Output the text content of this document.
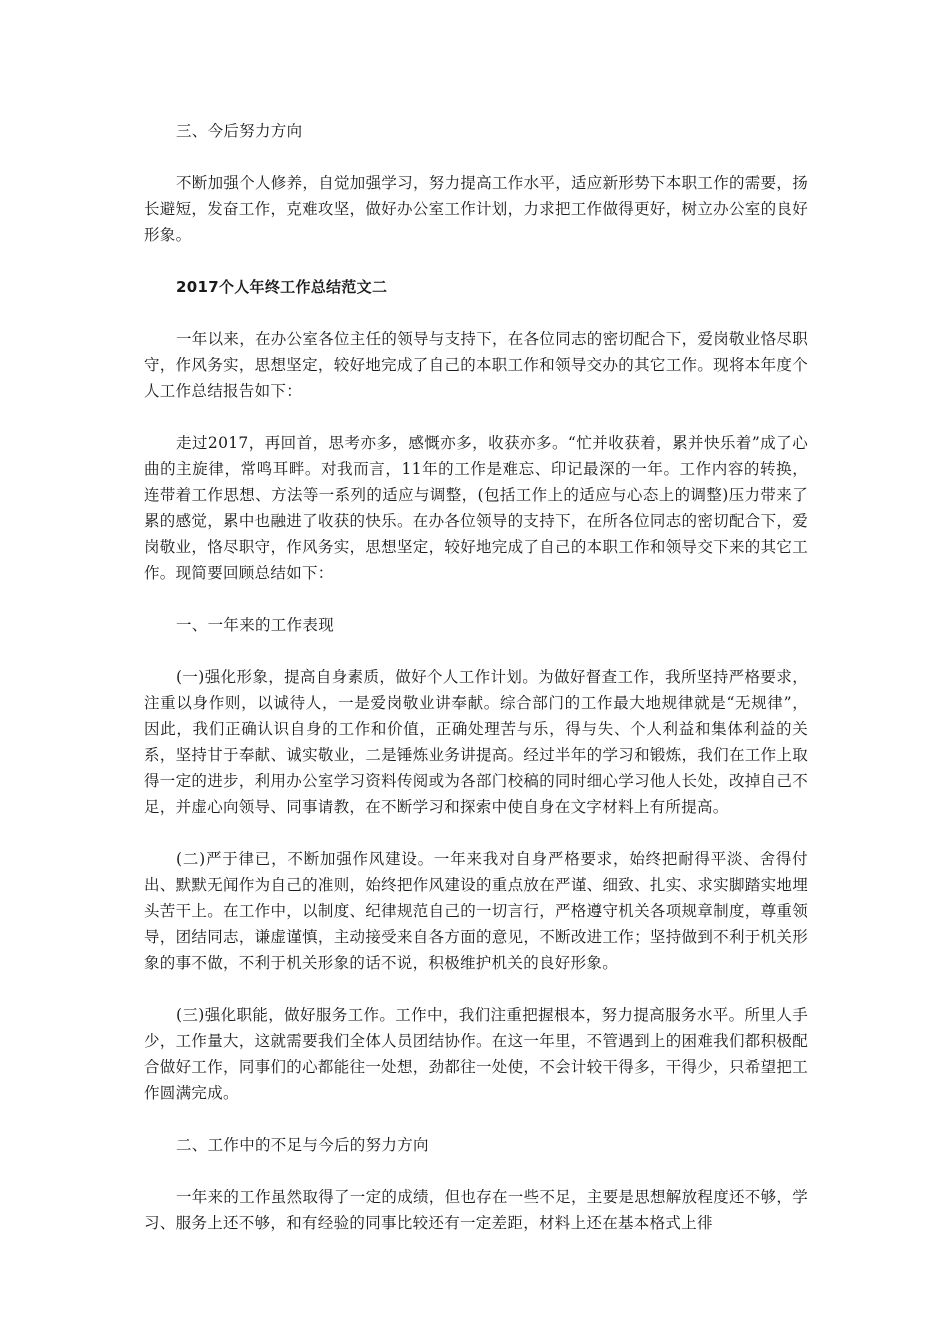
三、今后努力方向

不断加强个人修养，自觉加强学习，努力提高工作水平，适应新形势下本职工作的需要，扬长避短，发奋工作，克难攻坚，做好办公室工作计划，力求把工作做得更好，树立办公室的良好形象。

2017个人年终工作总结范文二

一年以来，在办公室各位主任的领导与支持下，在各位同志的密切配合下，爱岗敬业恪尽职守，作风务实，思想坚定，较好地完成了自己的本职工作和领导交办的其它工作。现将本年度个人工作总结报告如下：

走过2017，再回首，思考亦多，感慨亦多，收获亦多。“忙并收获着，累并快乐着”成了心曲的主旋律，常鸣耳畔。对我而言，11年的工作是难忘、印记最深的一年。工作内容的转换，连带着工作思想、方法等一系列的适应与调整，(包括工作上的适应与心态上的调整)压力带来了累的感觉，累中也融进了收获的快乐。在办各位领导的支持下，在所各位同志的密切配合下，爱岗敬业，恪尽职守，作风务实，思想坚定，较好地完成了自己的本职工作和领导交下来的其它工作。现简要回顾总结如下：

一、一年来的工作表现

(一)强化形象，提高自身素质，做好个人工作计划。为做好督查工作，我所坚持严格要求，注重以身作则，以诚待人，一是爱岗敬业讲奉献。综合部门的工作最大地规律就是“无规律”，因此，我们正确认识自身的工作和价值，正确处理苦与乐，得与失、个人利益和集体利益的关系，坚持甘于奉献、诚实敬业，二是锤炼业务讲提高。经过半年的学习和锻炼，我们在工作上取得一定的进步，利用办公室学习资料传阅或为各部门校稿的同时细心学习他人长处，改掉自己不足，并虚心向领导、同事请教，在不断学习和探索中使自身在文字材料上有所提高。

(二)严于律已，不断加强作风建设。一年来我对自身严格要求，始终把耐得平淡、舍得付出、默默无闻作为自己的准则，始终把作风建设的重点放在严谨、细致、扎实、求实脚踏实地埋头苦干上。在工作中，以制度、纪律规范自己的一切言行，严格遵守机关各项规章制度，尊重领导，团结同志，谦虚谨慎，主动接受来自各方面的意见，不断改进工作；坚持做到不利于机关形象的事不做，不利于机关形象的话不说，积极维护机关的良好形象。

(三)强化职能，做好服务工作。工作中，我们注重把握根本，努力提高服务水平。所里人手少，工作量大，这就需要我们全体人员团结协作。在这一年里，不管遇到上的困难我们都积极配合做好工作，同事们的心都能往一处想，劲都往一处使，不会计较干得多，干得少，只希望把工作圆满完成。

二、工作中的不足与今后的努力方向

一年来的工作虽然取得了一定的成绩，但也存在一些不足，主要是思想解放程度还不够，学习、服务上还不够，和有经验的同事比较还有一定差距，材料上还在基本格式上徘
